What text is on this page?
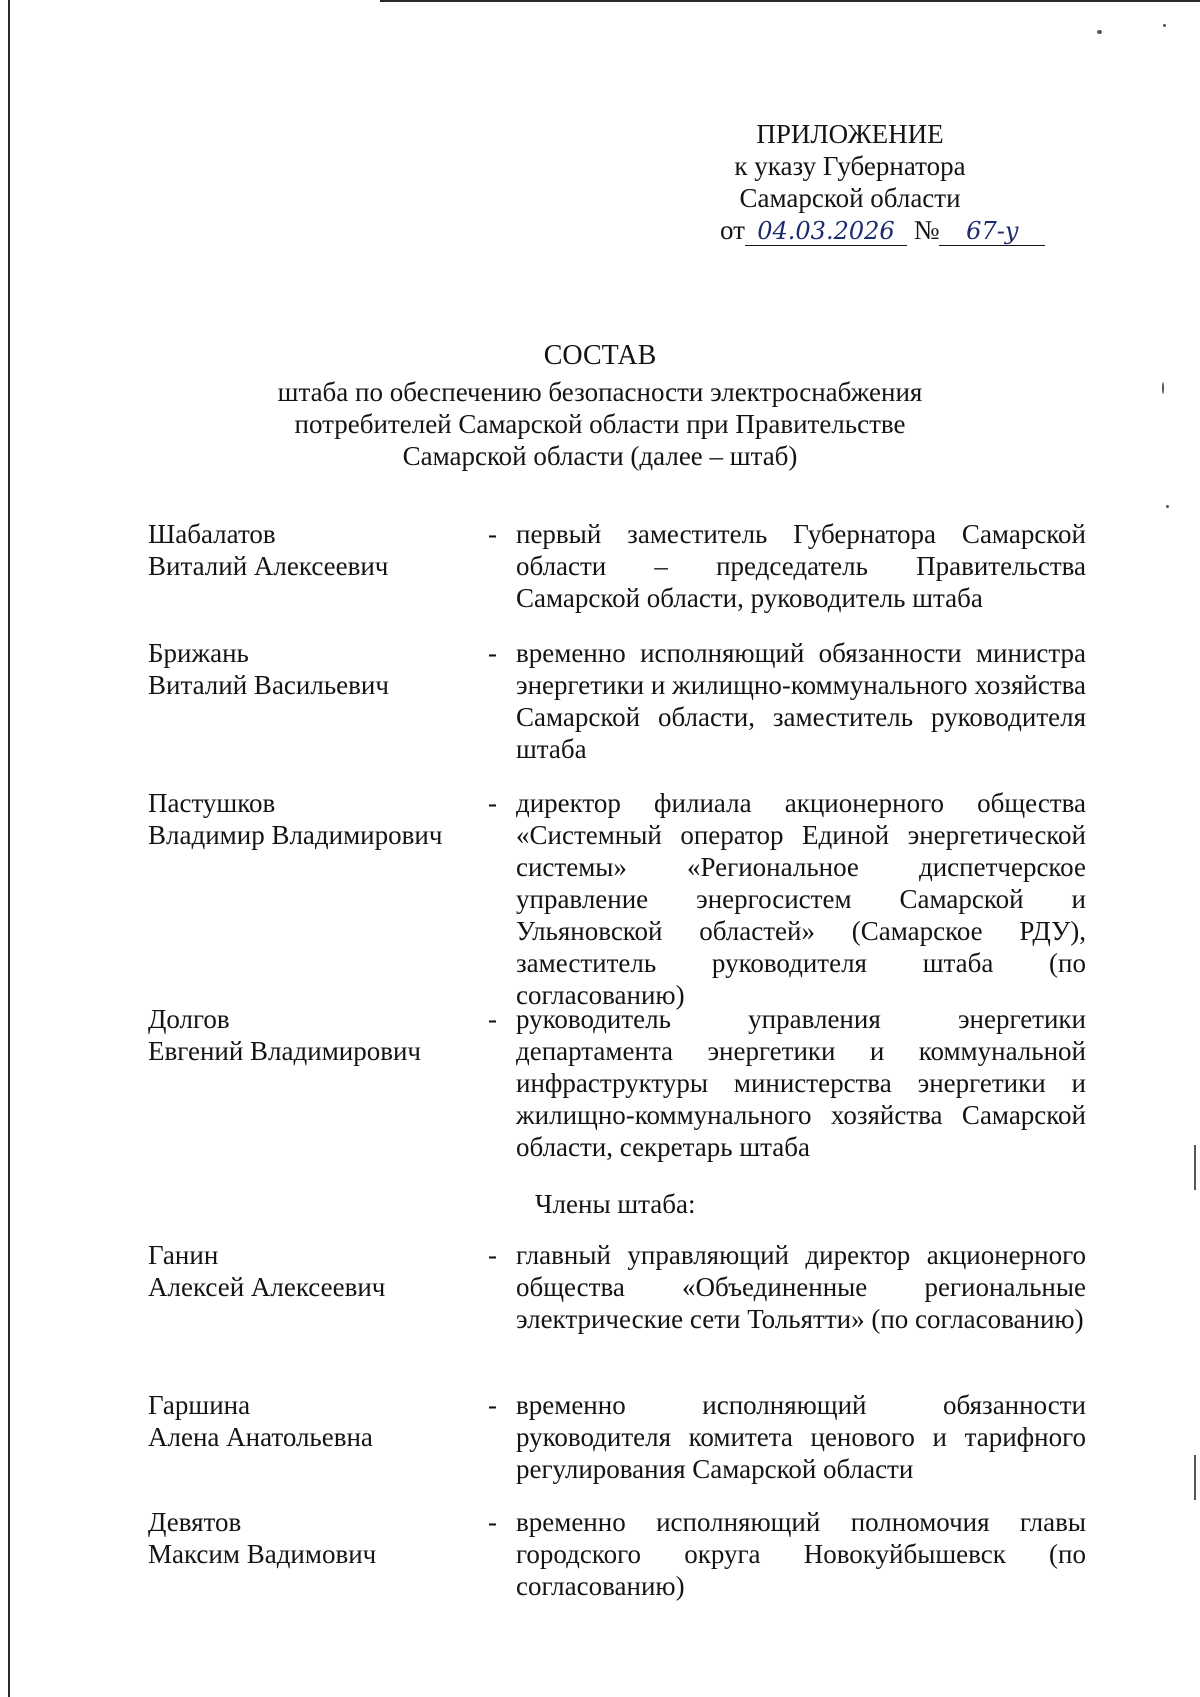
ПРИЛОЖЕНИЕ
к указу Губернатора
Самарской области
от 04.03.2026 № 67-у
СОСТАВ
штаба по обеспечению безопасности электроснабжения
потребителей Самарской области при Правительстве
Самарской области (далее – штаб)
Шабалатов
Виталий Алексеевич
- первый заместитель Губернатора Самарской области – председатель Правительства Самарской области, руководитель штаба
Брижань
Виталий Васильевич
- временно исполняющий обязанности министра энергетики и жилищно-коммунального хозяйства Самарской области, заместитель руководителя штаба
Пастушков
Владимир Владимирович
- директор филиала акционерного общества «Системный оператор Единой энергетической системы» «Региональное диспетчерское управление энергосистем Самарской и Ульяновской областей» (Самарское РДУ), заместитель руководителя штаба (по согласованию)
Долгов
Евгений Владимирович
- руководитель управления энергетики департамента энергетики и коммунальной инфраструктуры министерства энергетики и жилищно-коммунального хозяйства Самарской области, секретарь штаба
Члены штаба:
Ганин
Алексей Алексеевич
- главный управляющий директор акционерного общества «Объединенные региональные электрические сети Тольятти» (по согласованию)
Гаршина
Алена Анатольевна
- временно исполняющий обязанности руководителя комитета ценового и тарифного регулирования Самарской области
Девятов
Максим Вадимович
- временно исполняющий полномочия главы городского округа Новокуйбышевск (по согласованию)
